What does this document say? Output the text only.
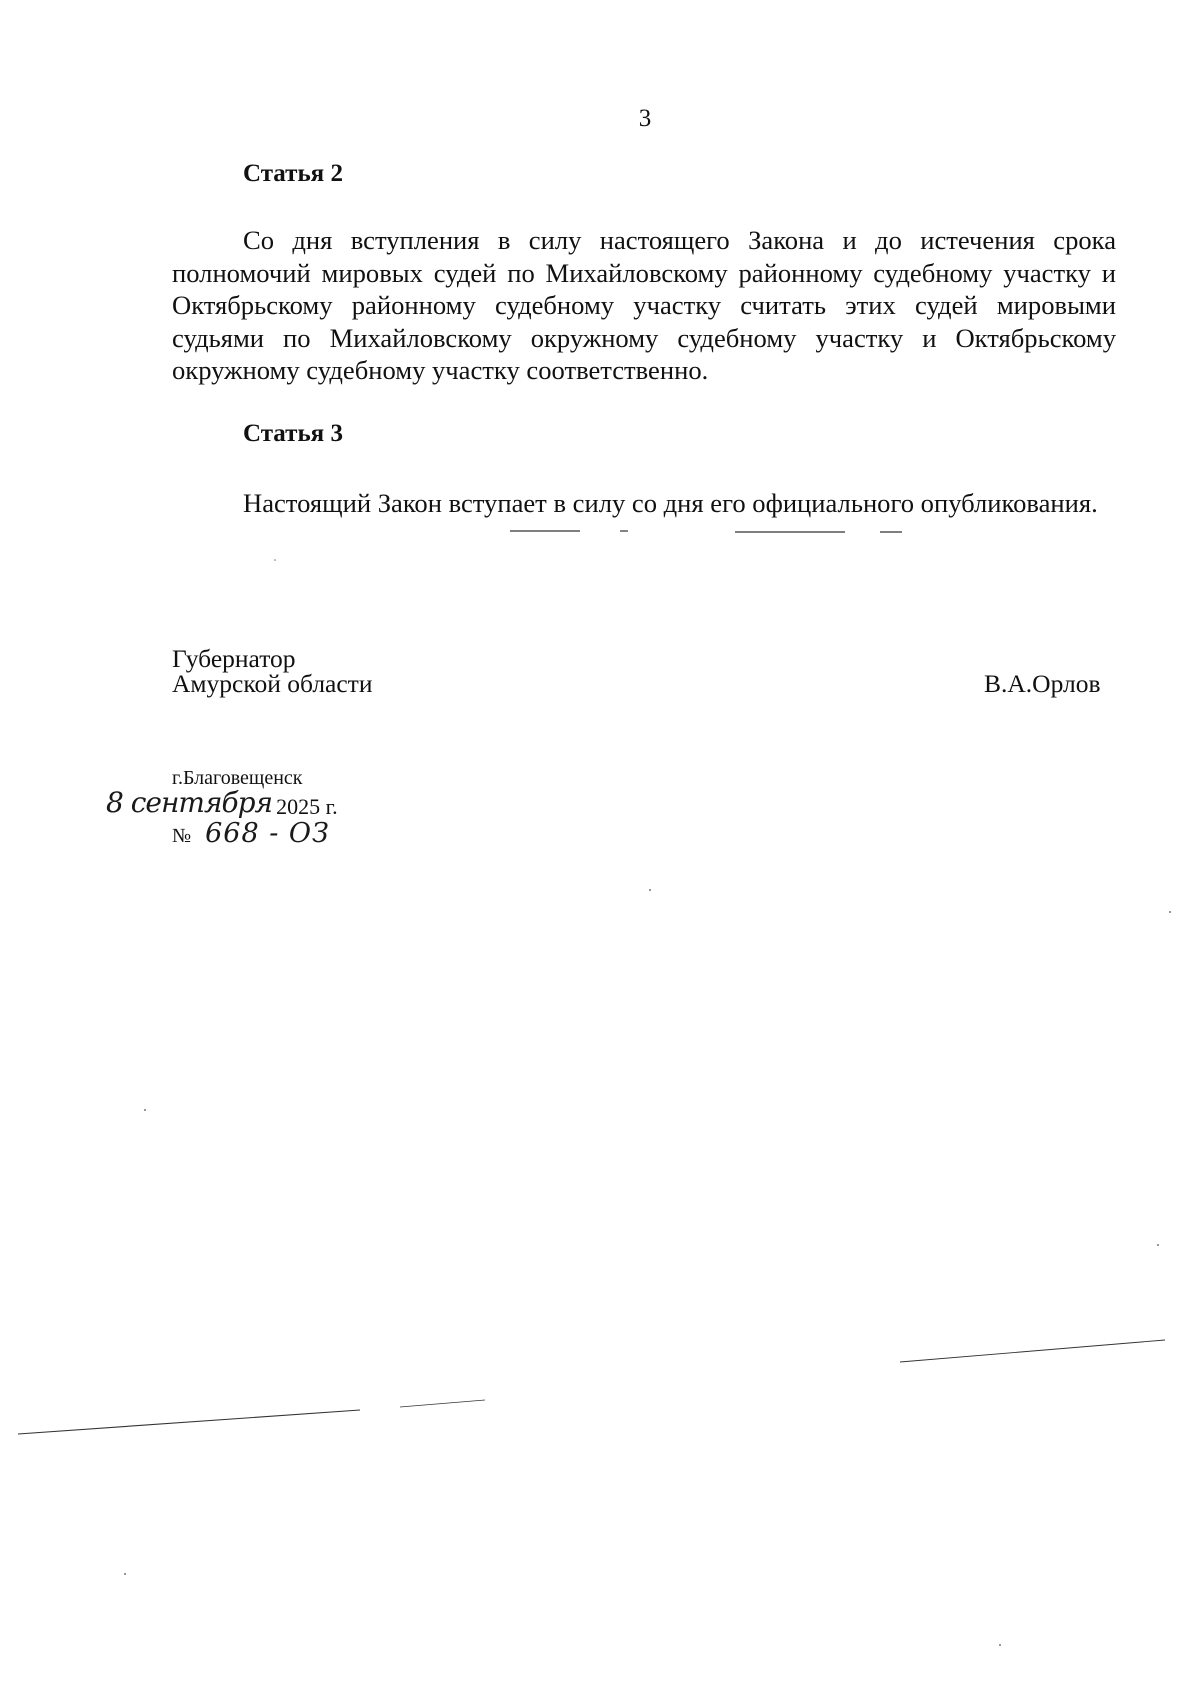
3
Статья 2

Со дня вступления в силу настоящего Закона и до истечения срока полномочий мировых судей по Михайловскому районному судебному участку и Октябрьскому районному судебному участку считать этих судей мировыми судьями по Михайловскому окружному судебному участку и Октябрьскому окружному судебному участку соответственно.

Статья 3

Настоящий Закон вступает в силу со дня его официального опубликования.

Губернатор
Амурской области	В.А.Орлов
г.Благовещенск
8 сентября 2025 г.
№ 668 - ОЗ
